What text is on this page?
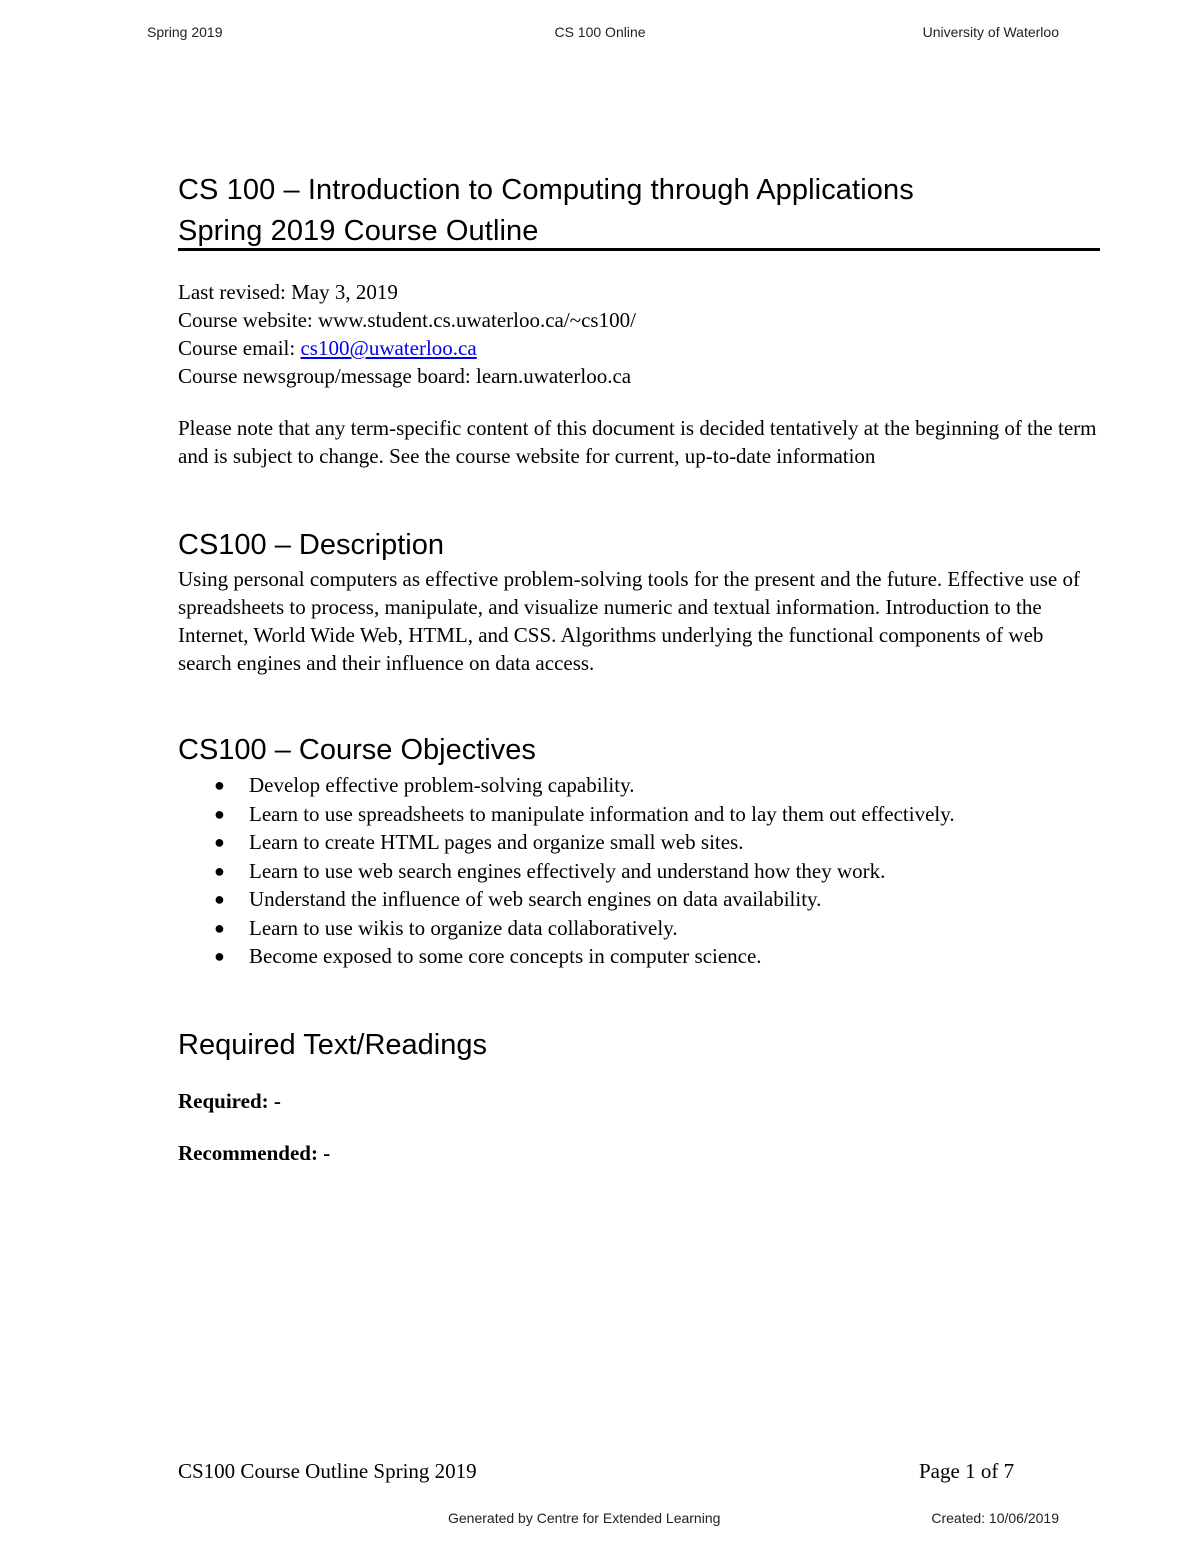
Spring 2019	CS 100 Online	University of Waterloo
CS 100 – Introduction to Computing through Applications
Spring 2019 Course Outline
Last revised: May 3, 2019
Course website: www.student.cs.uwaterloo.ca/~cs100/
Course email: cs100@uwaterloo.ca
Course newsgroup/message board: learn.uwaterloo.ca
Please note that any term-specific content of this document is decided tentatively at the beginning of the term and is subject to change. See the course website for current, up-to-date information
CS100 – Description
Using personal computers as effective problem-solving tools for the present and the future. Effective use of spreadsheets to process, manipulate, and visualize numeric and textual information. Introduction to the Internet, World Wide Web, HTML, and CSS. Algorithms underlying the functional components of web search engines and their influence on data access.
CS100 – Course Objectives
● Develop effective problem-solving capability.
● Learn to use spreadsheets to manipulate information and to lay them out effectively.
● Learn to create HTML pages and organize small web sites.
● Learn to use web search engines effectively and understand how they work.
● Understand the influence of web search engines on data availability.
● Learn to use wikis to organize data collaboratively.
● Become exposed to some core concepts in computer science.
Required Text/Readings
Required: -
Recommended: -
CS100 Course Outline Spring 2019	Page 1 of 7
Generated by Centre for Extended Learning	Created: 10/06/2019
